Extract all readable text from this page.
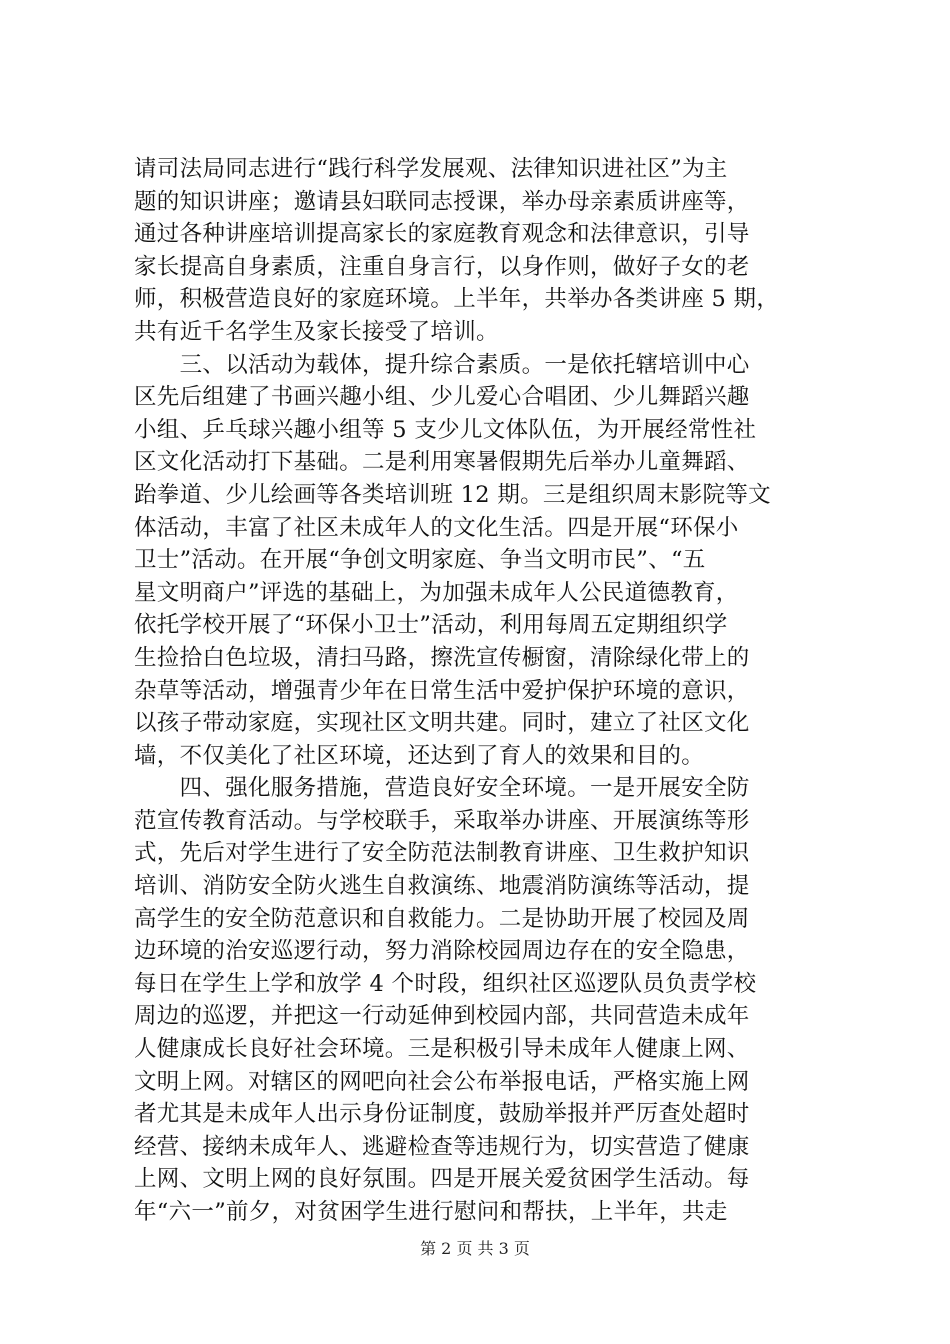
请司法局同志进行“践行科学发展观、法律知识进社区”为主
题的知识讲座；邀请县妇联同志授课，举办母亲素质讲座等，
通过各种讲座培训提高家长的家庭教育观念和法律意识，引导
家长提高自身素质，注重自身言行，以身作则，做好子女的老
师，积极营造良好的家庭环境。上半年，共举办各类讲座 5 期，
共有近千名学生及家长接受了培训。
　　三、以活动为载体，提升综合素质。一是依托辖培训中心
区先后组建了书画兴趣小组、少儿爱心合唱团、少儿舞蹈兴趣
小组、乒乓球兴趣小组等 5 支少儿文体队伍，为开展经常性社
区文化活动打下基础。二是利用寒暑假期先后举办儿童舞蹈、
跆拳道、少儿绘画等各类培训班 12 期。三是组织周末影院等文
体活动，丰富了社区未成年人的文化生活。四是开展“环保小
卫士”活动。在开展“争创文明家庭、争当文明市民”、“五
星文明商户”评选的基础上，为加强未成年人公民道德教育，
依托学校开展了“环保小卫士”活动，利用每周五定期组织学
生捡拾白色垃圾，清扫马路，擦洗宣传橱窗，清除绿化带上的
杂草等活动，增强青少年在日常生活中爱护保护环境的意识，
以孩子带动家庭，实现社区文明共建。同时，建立了社区文化
墙，不仅美化了社区环境，还达到了育人的效果和目的。
　　四、强化服务措施，营造良好安全环境。一是开展安全防
范宣传教育活动。与学校联手，采取举办讲座、开展演练等形
式，先后对学生进行了安全防范法制教育讲座、卫生救护知识
培训、消防安全防火逃生自救演练、地震消防演练等活动，提
高学生的安全防范意识和自救能力。二是协助开展了校园及周
边环境的治安巡逻行动，努力消除校园周边存在的安全隐患，
每日在学生上学和放学 4 个时段，组织社区巡逻队员负责学校
周边的巡逻，并把这一行动延伸到校园内部，共同营造未成年
人健康成长良好社会环境。三是积极引导未成年人健康上网、
文明上网。对辖区的网吧向社会公布举报电话，严格实施上网
者尤其是未成年人出示身份证制度，鼓励举报并严厉查处超时
经营、接纳未成年人、逃避检查等违规行为，切实营造了健康
上网、文明上网的良好氛围。四是开展关爱贫困学生活动。每
年“六一”前夕，对贫困学生进行慰问和帮扶，上半年，共走
第 2 页 共 3 页
